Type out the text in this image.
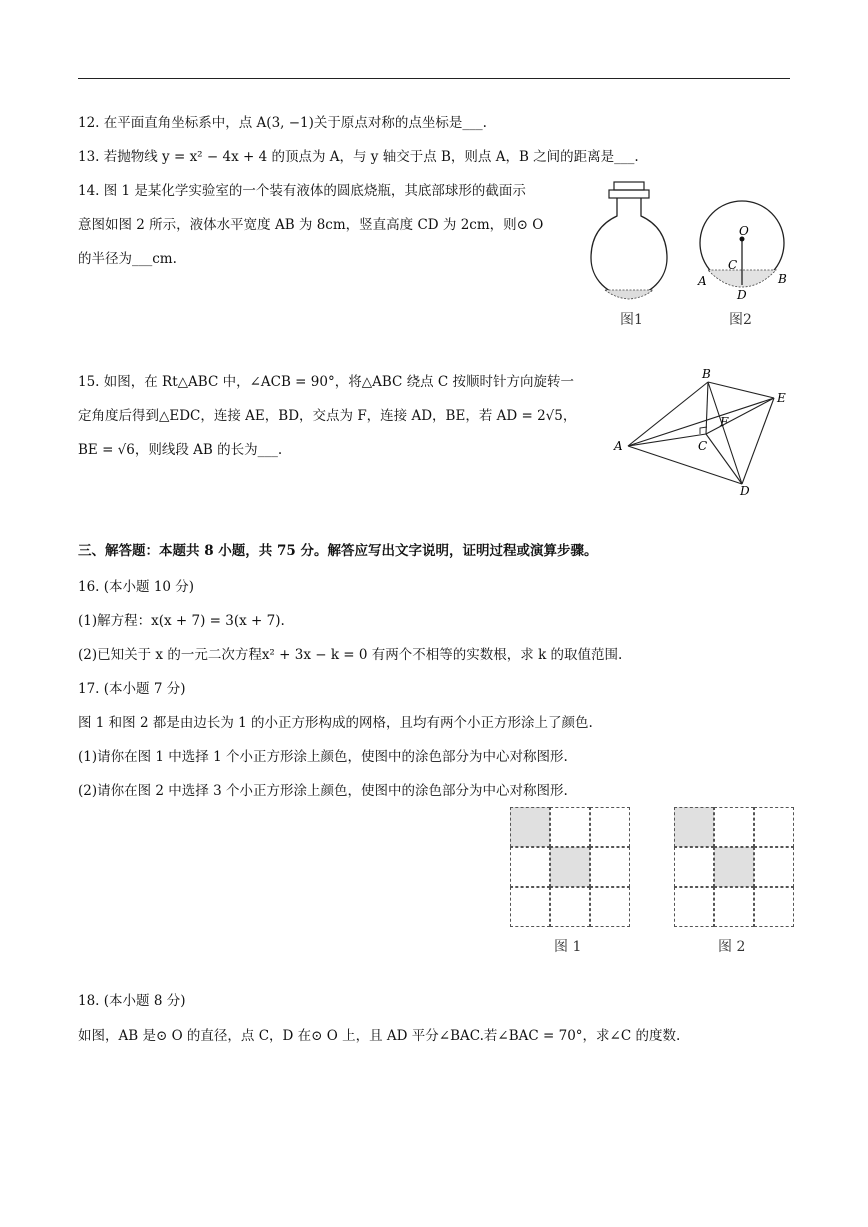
12. 在平面直角坐标系中，点 A(3, −1)关于原点对称的点坐标是___.
13. 若抛物线 y = x² − 4x + 4 的顶点为 A，与 y 轴交于点 B，则点 A，B 之间的距离是___.
14. 图 1 是某化学实验室的一个装有液体的圆底烧瓶，其底部球形的截面示
意图如图 2 所示，液体水平宽度 AB 为 8cm，竖直高度 CD 为 2cm，则⊙ O
的半径为___cm.
图1
O
C
A	B
D
图2
15. 如图，在 Rt△ABC 中，∠ACB = 90°，将△ABC 绕点 C 按顺时针方向旋转一
定角度后得到△EDC，连接 AE，BD，交点为 F，连接 AD，BE，若 AD = 2√5，
BE = √6，则线段 AB 的长为___.	A
B
C
D
E
F
三、解答题：本题共 8 小题，共 75 分。解答应写出文字说明，证明过程或演算步骤。
16. (本小题 10 分)
(1)解方程：x(x + 7) = 3(x + 7).
(2)已知关于 x 的一元二次方程x² + 3x − k = 0 有两个不相等的实数根，求 k 的取值范围.
17. (本小题 7 分)
图 1 和图 2 都是由边长为 1 的小正方形构成的网格，且均有两个小正方形涂上了颜色.
(1)请你在图 1 中选择 1 个小正方形涂上颜色，使图中的涂色部分为中心对称图形.
(2)请你在图 2 中选择 3 个小正方形涂上颜色，使图中的涂色部分为中心对称图形.
图 1	图 2
18. (本小题 8 分)
如图，AB 是⊙ O 的直径，点 C，D 在⊙ O 上，且 AD 平分∠BAC.若∠BAC = 70°，求∠C 的度数.
